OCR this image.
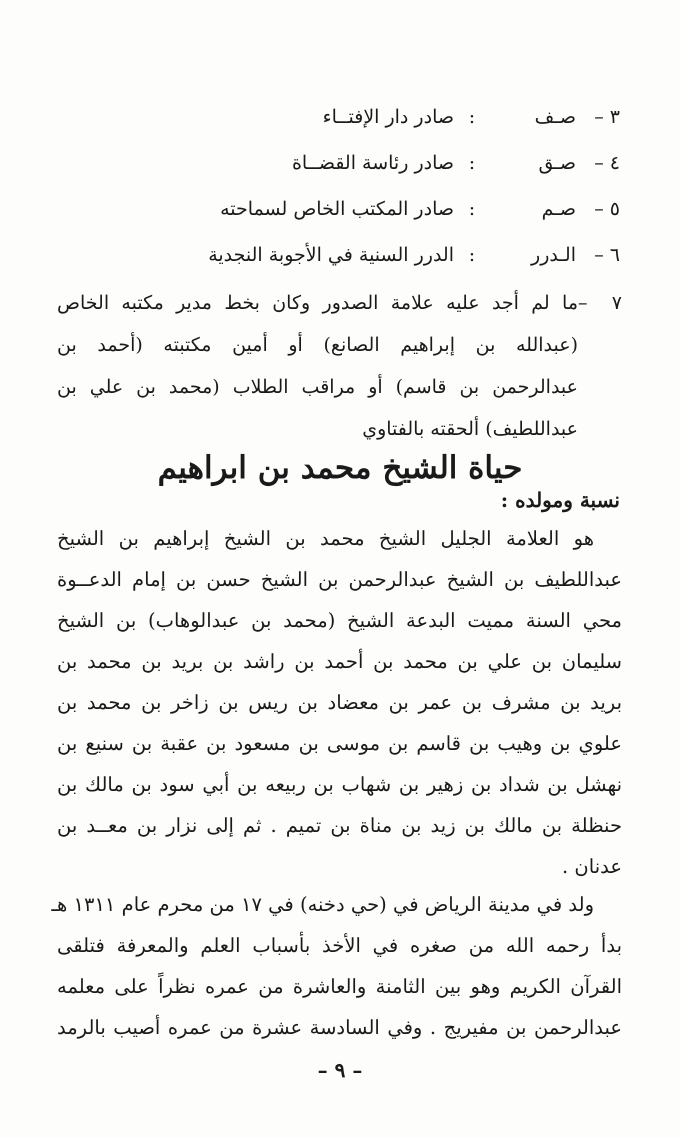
٣ –
صـف
:
صادر دار الإفتــاء
٤ –
صـق
:
صادر رئاسة القضــاة
٥ –
صـم
:
صادر المكتب الخاص لسماحته
٦ –
الـدرر
:
الدرر السنية في الأجوبة النجدية
٧ –ما لم أجد عليه علامة الصدور وكان بخط مدير مكتبه الخاص
(عبدالله بن إبراهيم الصانع) أو أمين مكتبته (أحمد بن
عبدالرحمن بن قاسم) أو مراقب الطلاب (محمد بن علي بن
عبداللطيف) ألحقته بالفتاوي
حياة الشيخ محمد بن ابراهيم
نسبة ومولده :
هو العلامة الجليل الشيخ محمد بن الشيخ إبراهيم بن الشيخ
عبداللطيف بن الشيخ عبدالرحمن بن الشيخ حسن بن إمام الدعــوة
محي السنة مميت البدعة الشيخ (محمد بن عبدالوهاب) بن الشيخ
سليمان بن علي بن محمد بن أحمد بن راشد بن بريد بن محمد بن
بريد بن مشرف بن عمر بن معضاد بن ريس بن زاخر بن محمد بن
علوي بن وهيب بن قاسم بن موسى بن مسعود بن عقبة بن سنيع بن
نهشل بن شداد بن زهير بن شهاب بن ربيعه بن أبي سود بن مالك بن
حنظلة بن مالك بن زيد بن مناة بن تميم . ثم إلى نزار بن معــد بن
عدنان .
ولد في مدينة الرياض في (حي دخنه) في ١٧ من محرم عام ١٣١١ هـ
بدأ رحمه الله من صغره في الأخذ بأسباب العلم والمعرفة فتلقى
القرآن الكريم وهو بين الثامنة والعاشرة من عمره نظراً على معلمه
عبدالرحمن بن مفيريج . وفي السادسة عشرة من عمره أصيب بالرمد
– ٩ –
